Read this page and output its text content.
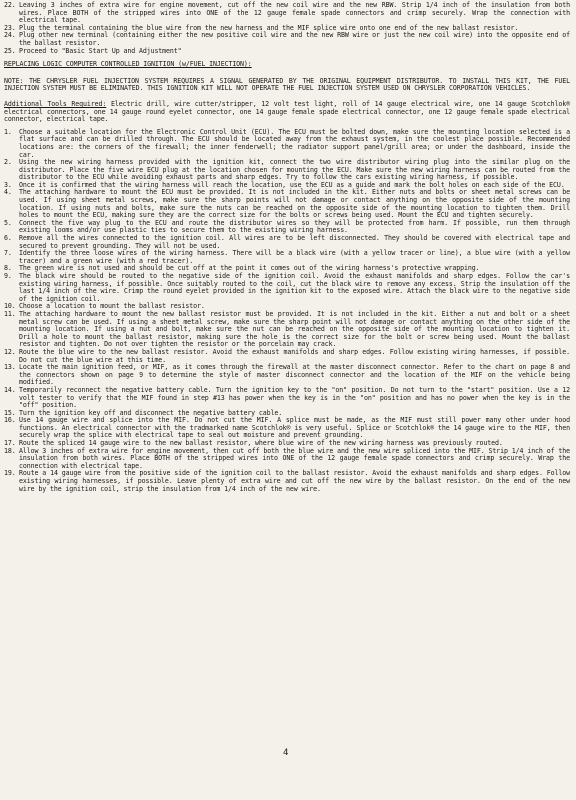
22. Leaving 3 inches of extra wire for engine movement, cut off the new coil wire and the new RBW. Strip 1/4 inch of the insulation from both wires. Place BOTH of the stripped wires into ONE of the 12 gauge female spade connectors and crimp securely. Wrap the connection with electrical tape.
23. Plug the terminal containing the blue wire from the new harness and the MIF splice wire onto one end of the new ballast resistor.
24. Plug other new terminal (containing either the new positive coil wire and the new RBW wire or just the new coil wire) into the opposite end of the ballast resistor.
25. Proceed to "Basic Start Up and Adjustment"
REPLACING LOGIC COMPUTER CONTROLLED IGNITION (w/FUEL INJECTION):
NOTE: THE CHRYSLER FUEL INJECTION SYSTEM REQUIRES A SIGNAL GENERATED BY THE ORIGINAL EQUIPMENT DISTRIBUTOR. TO INSTALL THIS KIT, THE FUEL INJECTION SYSTEM MUST BE ELIMINATED. THIS IGNITION KIT WILL NOT OPERATE THE FUEL INJECTION SYSTEM USED ON CHRYSLER CORPORATION VEHICLES.
Additional Tools Required: Electric drill, wire cutter/stripper, 12 volt test light, roll of 14 gauge electrical wire, one 14 gauge Scotchlok® electrical connectors, one 14 gauge round eyelet connector, one 14 gauge female spade electrical connector, one 12 gauge female spade electrical connector, electrical tape.
1.	Choose a suitable location for the Electronic Control Unit (ECU). The ECU must be bolted down, make sure the mounting location selected is a flat surface and can be drilled through. The ECU should be located away from the exhaust system, in the coolest place possible. Recommended locations are: the corners of the firewall; the inner fenderwell; the radiator support panel/grill area; or under the dashboard, inside the car.
2.	Using the new wiring harness provided with the ignition kit, connect the two wire distributor wiring plug into the similar plug on the distributor. Place the five wire ECU plug at the location chosen for mounting the ECU. Make sure the new wiring harness can be routed from the distributor to the ECU while avoiding exhaust parts and sharp edges. Try to follow the cars existing wiring harness, if possible.
3.	Once it is confirmed that the wiring harness will reach the location, use the ECU as a guide and mark the bolt holes on each side of the ECU.
4.	The attaching hardware to mount the ECU must be provided. It is not included in the kit. Either nuts and bolts or sheet metal screws can be used. If using sheet metal screws, make sure the sharp points will not damage or contact anything on the opposite side of the mounting location. If using nuts and bolts, make sure the nuts can be reached on the opposite side of the mounting location to tighten them. Drill holes to mount the ECU, making sure they are the correct size for the bolts or screws being used. Mount the ECU and tighten securely.
5.	Connect the five way plug to the ECU and route the distributor wires so they will be protected from harm. If possible, run them through existing looms and/or use plastic ties to secure them to the existing wiring harness.
6.	Remove all the wires connected to the ignition coil. All wires are to be left disconnected. They should be covered with electrical tape and secured to prevent grounding. They will not be used.
7.	Identify the three loose wires of the wiring harness. There will be a black wire (with a yellow tracer or line), a blue wire (with a yellow tracer) and a green wire (with a red tracer).
8.	The green wire is not used and should be cut off at the point it comes out of the wiring harness's protective wrapping.
9.	The black wire should be routed to the negative side of the ignition coil. Avoid the exhaust manifolds and sharp edges. Follow the car's existing wiring harness, if possible. Once suitably routed to the coil, cut the black wire to remove any excess. Strip the insulation off the last 1/4 inch of the wire. Crimp the round eyelet provided in the ignition kit to the exposed wire. Attach the black wire to the negative side of the ignition coil.
10. Choose a location to mount the ballast resistor.
11. The attaching hardware to mount the new ballast resistor must be provided. It is not included in the kit. Either a nut and bolt or a sheet metal screw can be used. If using a sheet metal screw, make sure the sharp point will not damage or contact anything on the other side of the mounting location. If using a nut and bolt, make sure the nut can be reached on the opposite side of the mounting location to tighten it. Drill a hole to mount the ballast resistor, making sure the hole is the correct size for the bolt or screw being used. Mount the ballast resistor and tighten. Do not over tighten the resistor or the porcelain may crack.
12. Route the blue wire to the new ballast resistor. Avoid the exhaust manifolds and sharp edges. Follow existing wiring harnesses, if possible. Do not cut the blue wire at this time.
13. Locate the main ignition feed, or MIF, as it comes through the firewall at the master disconnect connector. Refer to the chart on page 8 and the connectors shown on page 9 to determine the style of master disconnect connector and the location of the MIF on the vehicle being modified.
14. Temporarily reconnect the negative battery cable. Turn the ignition key to the "on" position. Do not turn to the "start" position. Use a 12 volt tester to verify that the MIF found in step #13 has power when the key is in the "on" position and has no power when the key is in the "off" position.
15. Turn the ignition key off and disconnect the negative battery cable.
16. Use 14 gauge wire and splice into the MIF. Do not cut the MIF. A splice must be made, as the MIF must still power many other under hood functions. An electrical connector with the tradmarked name Scotchlok® is very useful. Splice or Scotchlok® the 14 gauge wire to the MIF, then securely wrap the splice with electrical tape to seal out moisture and prevent grounding.
17. Route the spliced 14 gauge wire to the new ballast resistor, where blue wire of the new wiring harness was previously routed.
18. Allow 3 inches of extra wire for engine movement, then cut off both the blue wire and the new wire spliced into the MIF. Strip 1/4 inch of the insulation from both wires. Place BOTH of the stripped wires into ONE of the 12 gauge female spade connectors and crimp securely. Wrap the connection with electrical tape.
19. Route a 14 gauge wire from the positive side of the ignition coil to the ballast resistor. Avoid the exhaust manifolds and sharp edges. Follow existing wiring harnesses, if possible. Leave plenty of extra wire and cut off the new wire by the ballast resistor. On the end of the new wire by the ignition coil, strip the insulation from 1/4 inch of the new wire.
4
